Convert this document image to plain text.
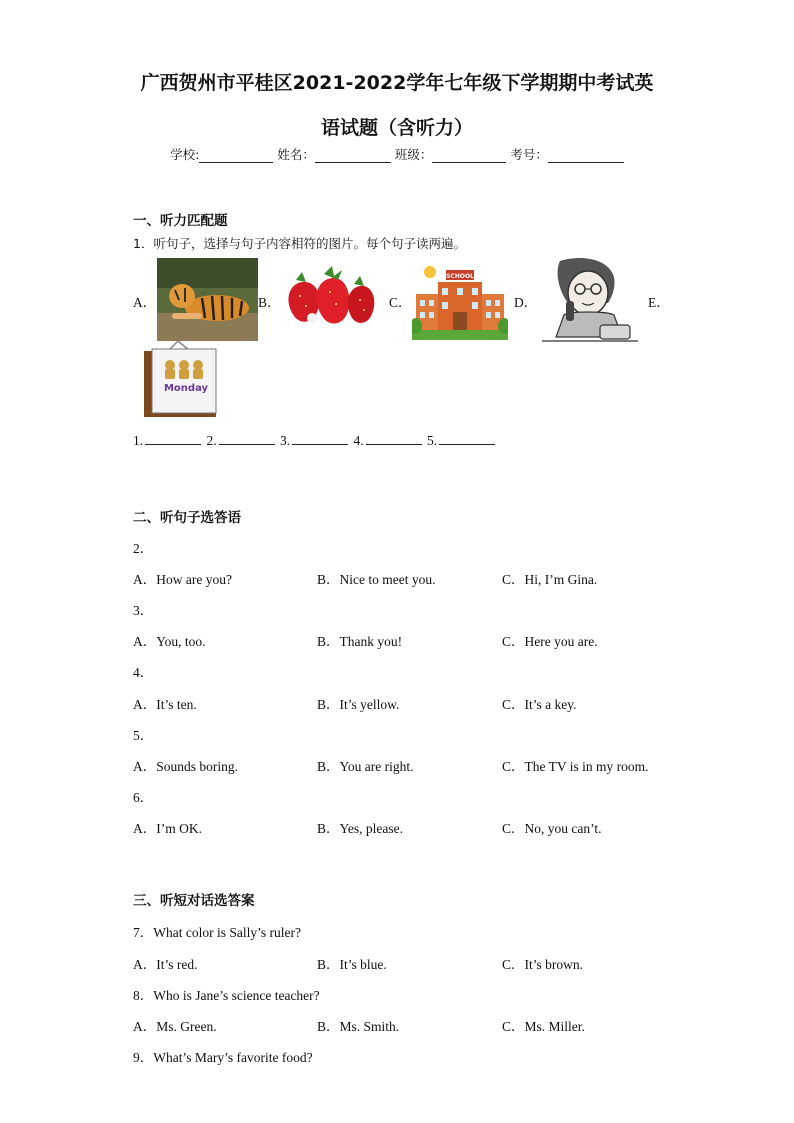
广西贺州市平桂区2021-2022学年七年级下学期期中考试英
语试题（含听力）
学校:	姓名：	班级：	考号：
一、听力匹配题
1．听句子，选择与句子内容相符的图片。每个句子读两遍。
A．	B．	C．
SCHOOL
D．	E．
Monday
1.	2.	3.	4.	5.
二、听句子选答语
2．
A．How are you?	B．Nice to meet you.	C．Hi, I’m Gina.
3．
A．You, too.	B．Thank you!	C．Here you are.
4．
A．It’s ten.	B．It’s yellow.	C．It’s a key.
5．
A．Sounds boring.	B．You are right.	C．The TV is in my room.
6．
A．I’m OK.	B．Yes, please.	C．No, you can’t.
三、听短对话选答案
7．What color is Sally’s ruler?
A．It’s red.	B．It’s blue.	C．It’s brown.
8．Who is Jane’s science teacher?
A．Ms. Green.	B．Ms. Smith.	C．Ms. Miller.
9．What’s Mary’s favorite food?
